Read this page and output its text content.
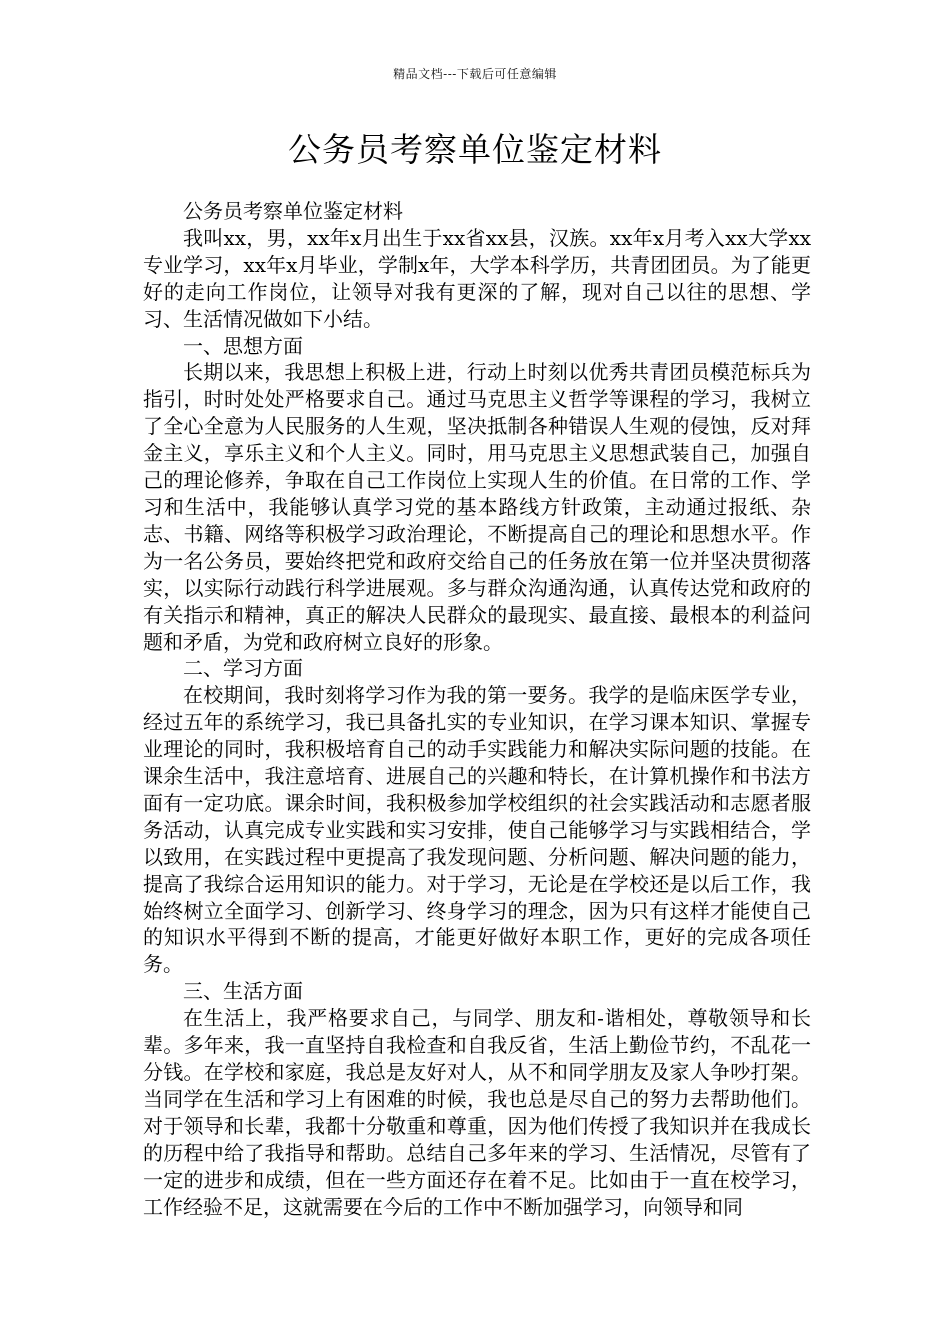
精品文档---下载后可任意编辑
公务员考察单位鉴定材料

公务员考察单位鉴定材料

我叫xx，男，xx年x月出生于xx省xx县，汉族。xx年x月考入xx大学xx专业学习，xx年x月毕业，学制x年，大学本科学历，共青团团员。为了能更好的走向工作岗位，让领导对我有更深的了解，现对自己以往的思想、学习、生活情况做如下小结。

一、思想方面

长期以来，我思想上积极上进，行动上时刻以优秀共青团员模范标兵为指引，时时处处严格要求自己。通过马克思主义哲学等课程的学习，我树立了全心全意为人民服务的人生观，坚决抵制各种错误人生观的侵蚀，反对拜金主义，享乐主义和个人主义。同时，用马克思主义思想武装自己，加强自己的理论修养，争取在自己工作岗位上实现人生的价值。在日常的工作、学习和生活中，我能够认真学习党的基本路线方针政策，主动通过报纸、杂志、书籍、网络等积极学习政治理论，不断提高自己的理论和思想水平。作为一名公务员，要始终把党和政府交给自己的任务放在第一位并坚决贯彻落实，以实际行动践行科学进展观。多与群众沟通沟通，认真传达党和政府的有关指示和精神，真正的解决人民群众的最现实、最直接、最根本的利益问题和矛盾，为党和政府树立良好的形象。

二、学习方面

在校期间，我时刻将学习作为我的第一要务。我学的是临床医学专业，经过五年的系统学习，我已具备扎实的专业知识，在学习课本知识、掌握专业理论的同时，我积极培育自己的动手实践能力和解决实际问题的技能。在课余生活中，我注意培育、进展自己的兴趣和特长，在计算机操作和书法方面有一定功底。课余时间，我积极参加学校组织的社会实践活动和志愿者服务活动，认真完成专业实践和实习安排，使自己能够学习与实践相结合，学以致用，在实践过程中更提高了我发现问题、分析问题、解决问题的能力，提高了我综合运用知识的能力。对于学习，无论是在学校还是以后工作，我始终树立全面学习、创新学习、终身学习的理念，因为只有这样才能使自己的知识水平得到不断的提高，才能更好做好本职工作，更好的完成各项任务。

三、生活方面

在生活上，我严格要求自己，与同学、朋友和-谐相处，尊敬领导和长辈。多年来，我一直坚持自我检查和自我反省，生活上勤俭节约，不乱花一分钱。在学校和家庭，我总是友好对人，从不和同学朋友及家人争吵打架。当同学在生活和学习上有困难的时候，我也总是尽自己的努力去帮助他们。对于领导和长辈，我都十分敬重和尊重，因为他们传授了我知识并在我成长的历程中给了我指导和帮助。总结自己多年来的学习、生活情况，尽管有了一定的进步和成绩，但在一些方面还存在着不足。比如由于一直在校学习，工作经验不足，这就需要在今后的工作中不断加强学习，向领导和同
